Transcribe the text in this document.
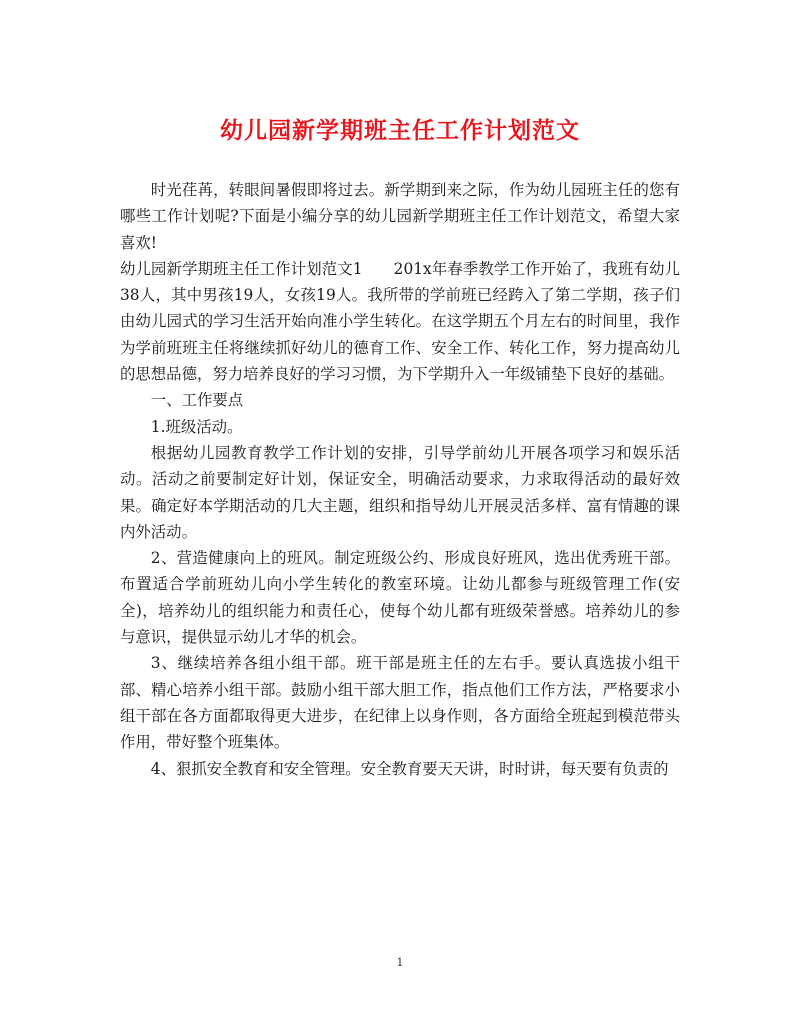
幼儿园新学期班主任工作计划范文

时光荏苒，转眼间暑假即将过去。新学期到来之际，作为幼儿园班主任的您有哪些工作计划呢?下面是小编分享的幼儿园新学期班主任工作计划范文，希望大家喜欢!

幼儿园新学期班主任工作计划范文1　　201x年春季教学工作开始了，我班有幼儿38人，其中男孩19人，女孩19人。我所带的学前班已经跨入了第二学期，孩子们由幼儿园式的学习生活开始向准小学生转化。在这学期五个月左右的时间里，我作为学前班班主任将继续抓好幼儿的德育工作、安全工作、转化工作，努力提高幼儿的思想品德，努力培养良好的学习习惯，为下学期升入一年级铺垫下良好的基础。

一、工作要点

1.班级活动。

根据幼儿园教育教学工作计划的安排，引导学前幼儿开展各项学习和娱乐活动。活动之前要制定好计划，保证安全，明确活动要求，力求取得活动的最好效果。确定好本学期活动的几大主题，组织和指导幼儿开展灵活多样、富有情趣的课内外活动。

2、营造健康向上的班风。制定班级公约、形成良好班风，选出优秀班干部。布置适合学前班幼儿向小学生转化的教室环境。让幼儿都参与班级管理工作(安全)，培养幼儿的组织能力和责任心，使每个幼儿都有班级荣誉感。培养幼儿的参与意识，提供显示幼儿才华的机会。

3、继续培养各组小组干部。班干部是班主任的左右手。要认真选拔小组干部、精心培养小组干部。鼓励小组干部大胆工作，指点他们工作方法，严格要求小组干部在各方面都取得更大进步，在纪律上以身作则，各方面给全班起到模范带头作用，带好整个班集体。

4、狠抓安全教育和安全管理。安全教育要天天讲，时时讲，每天要有负责的

1
